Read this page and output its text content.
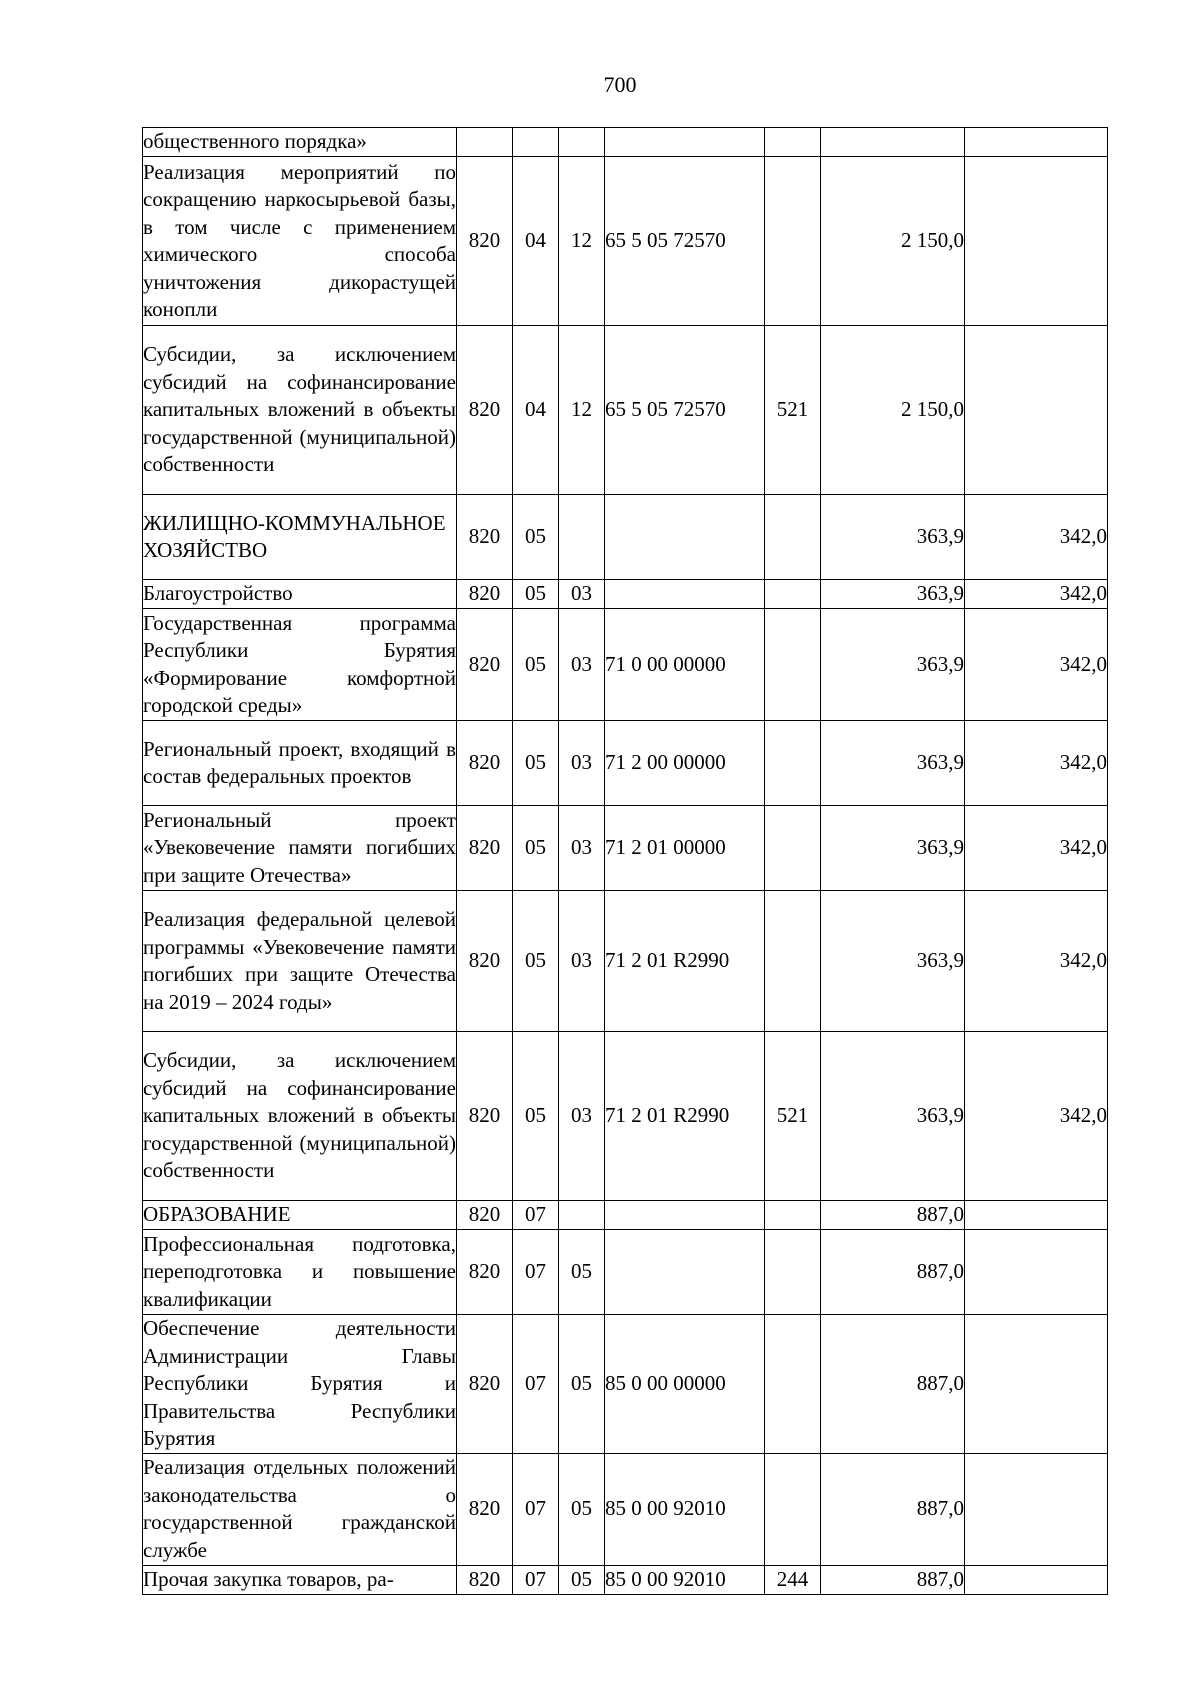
700
общественного порядка»							
Реализация мероприятий по сокращению наркосырьевой базы, в том числе с применением химического способа уничтожения дикорастущей конопли	820	04	12	65 5 05 72570		2 150,0	
Субсидии, за исключением субсидий на софинансирование капитальных вложений в объекты государственной (муниципальной) собственности	820	04	12	65 5 05 72570	521	2 150,0	
ЖИЛИЩНО-КОММУНАЛЬНОЕ ХОЗЯЙСТВО	820	05				363,9	342,0
Благоустройство	820	05	03			363,9	342,0
Государственная программа Республики Бурятия «Формирование комфортной городской среды»	820	05	03	71 0 00 00000		363,9	342,0
Региональный проект, входящий в состав федеральных проектов	820	05	03	71 2 00 00000		363,9	342,0
Региональный проект «Увековечение памяти погибших при защите Отечества»	820	05	03	71 2 01 00000		363,9	342,0
Реализация федеральной целевой программы «Увековечение памяти погибших при защите Отечества на 2019 – 2024 годы»	820	05	03	71 2 01 R2990		363,9	342,0
Субсидии, за исключением субсидий на софинансирование капитальных вложений в объекты государственной (муниципальной) собственности	820	05	03	71 2 01 R2990	521	363,9	342,0
ОБРАЗОВАНИЕ	820	07				887,0	
Профессиональная подготовка, переподготовка и повышение квалификации	820	07	05			887,0	
Обеспечение деятельности Администрации Главы Республики Бурятия и Правительства Республики Бурятия	820	07	05	85 0 00 00000		887,0	
Реализация отдельных положений законодательства о государственной гражданской службе	820	07	05	85 0 00 92010		887,0	
Прочая закупка товаров, ра-	820	07	05	85 0 00 92010	244	887,0	
